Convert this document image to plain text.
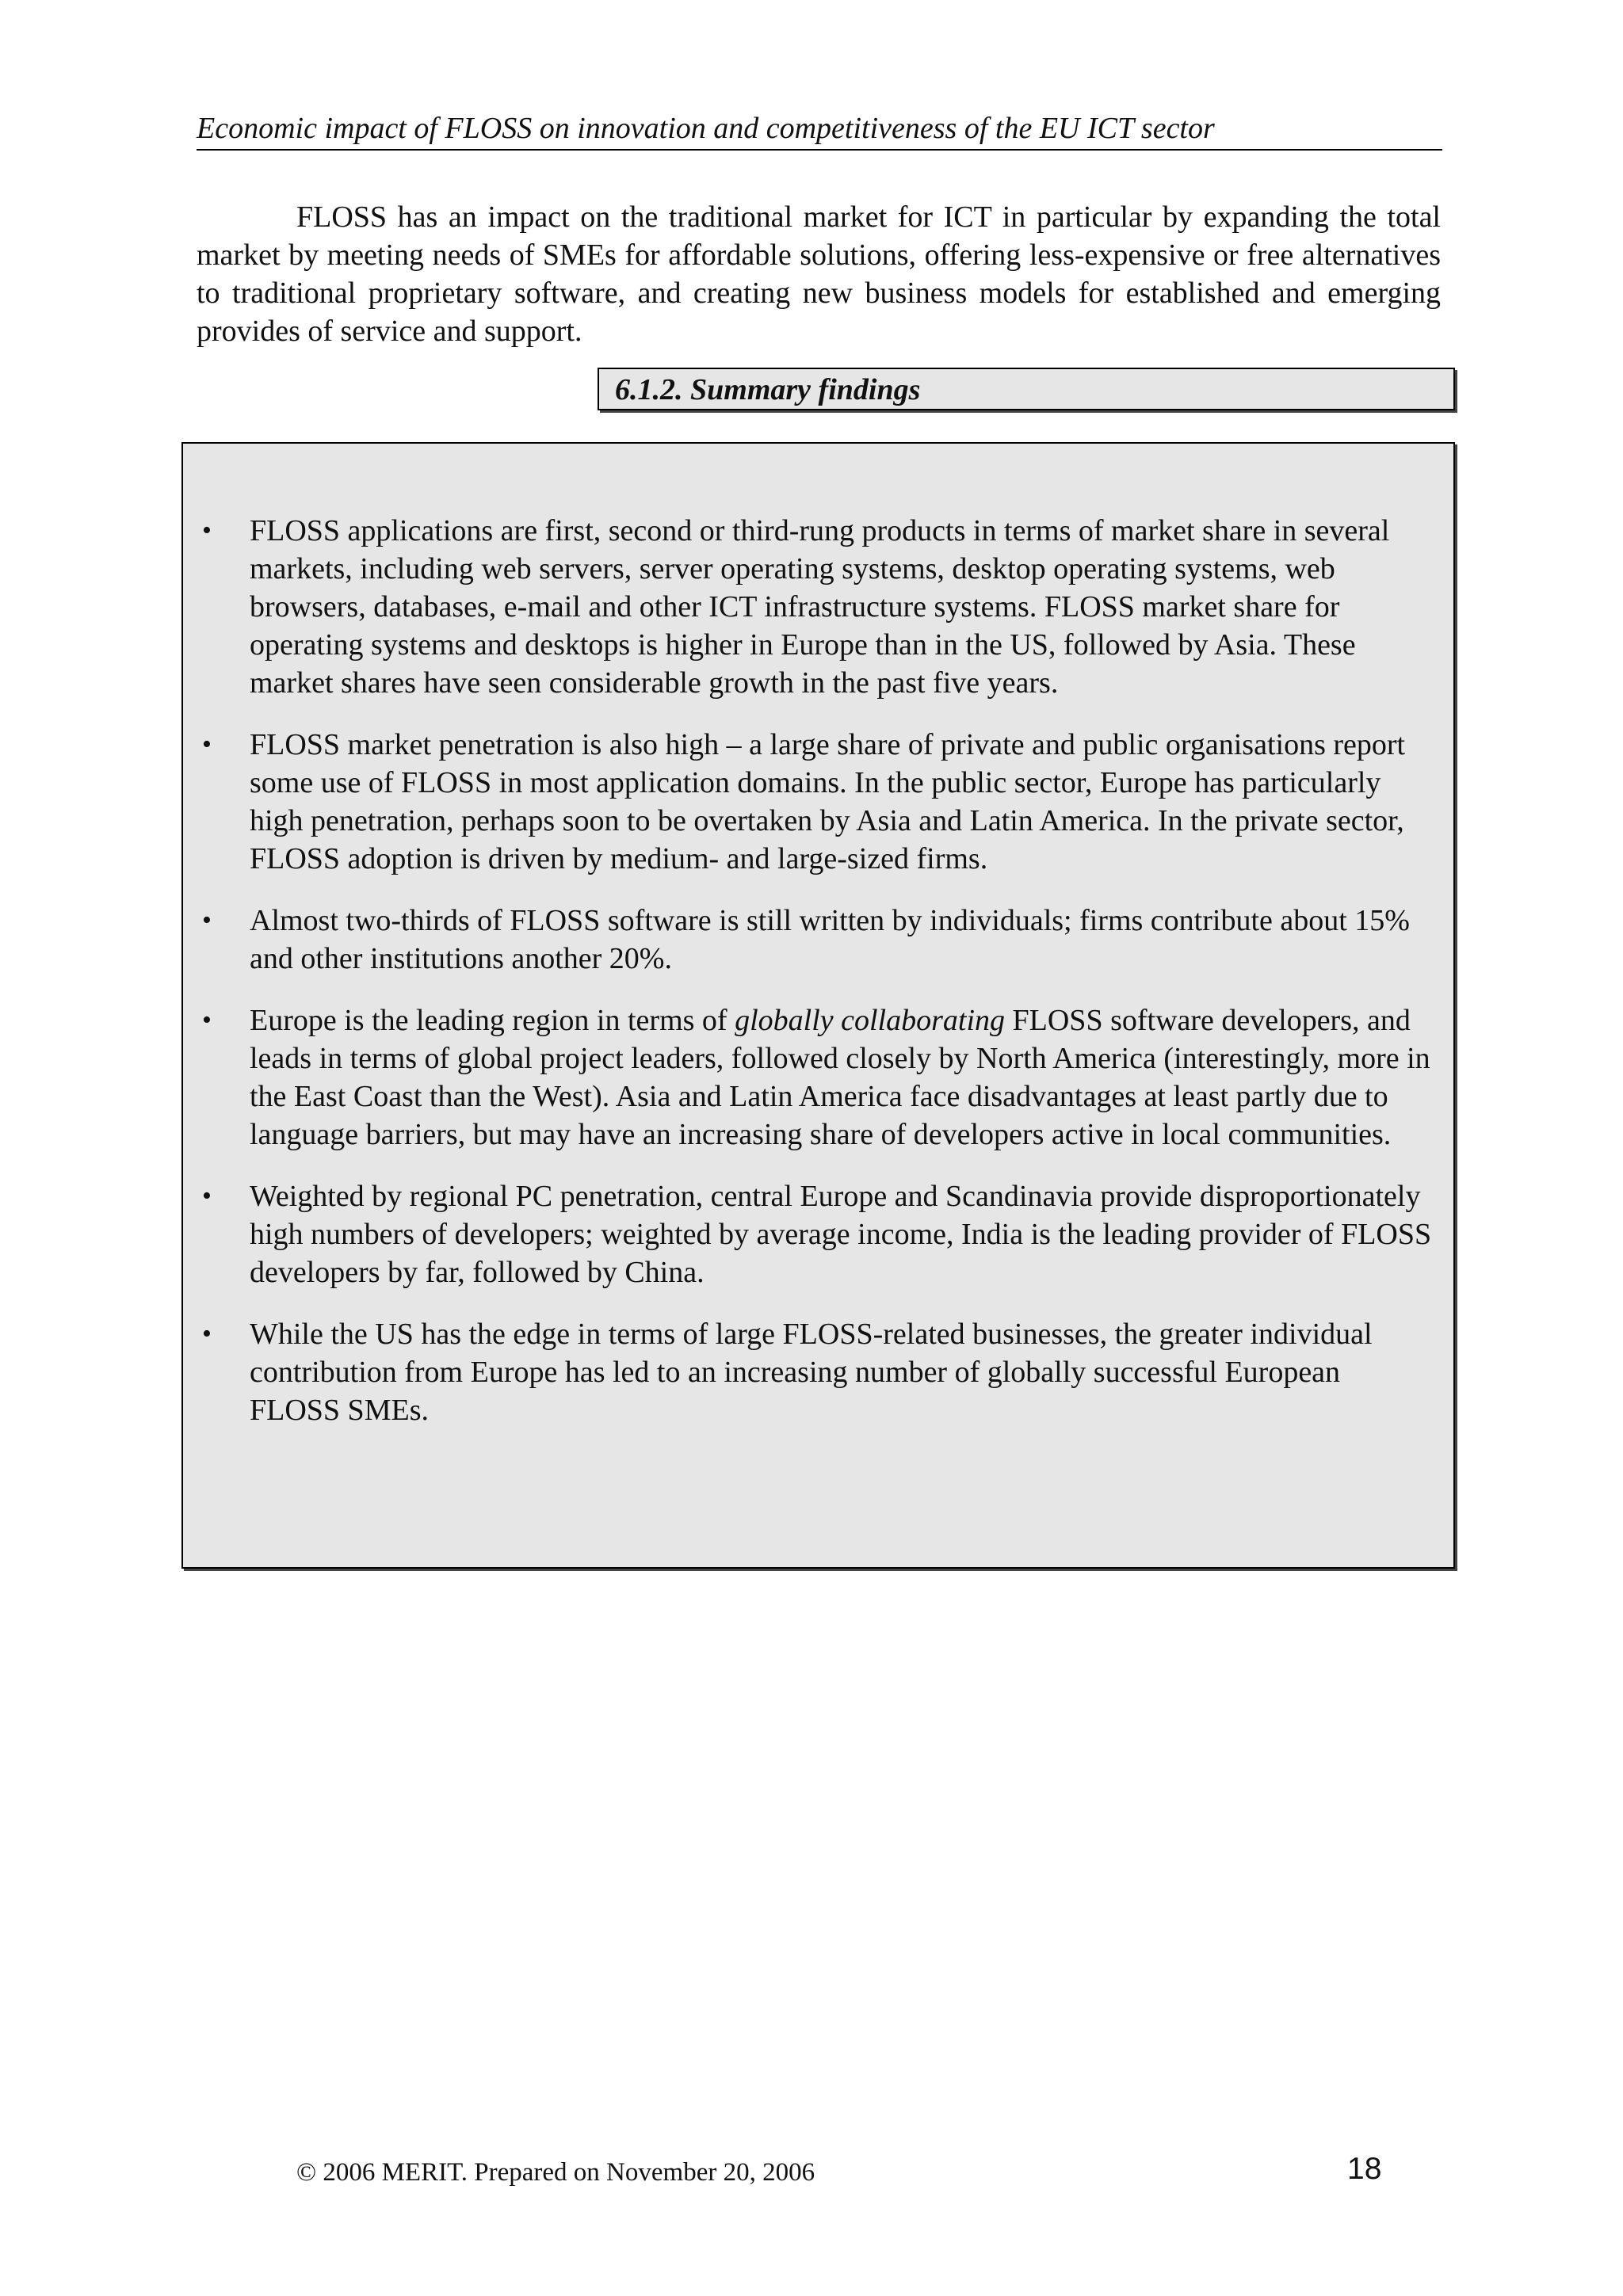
Economic impact of FLOSS on innovation and competitiveness of the EU ICT sector

FLOSS has an impact on the traditional market for ICT in particular by expanding the total market by meeting needs of SMEs for affordable solutions, offering less-expensive or free alternatives to traditional proprietary software, and creating new business models for established and emerging provides of service and support.

6.1.2. Summary findings
• FLOSS applications are first, second or third-rung products in terms of market share in several markets, including web servers, server operating systems, desktop operating systems, web browsers, databases, e-mail and other ICT infrastructure systems. FLOSS market share for operating systems and desktops is higher in Europe than in the US, followed by Asia. These market shares have seen considerable growth in the past five years.
• FLOSS market penetration is also high – a large share of private and public organisations report some use of FLOSS in most application domains. In the public sector, Europe has particularly high penetration, perhaps soon to be overtaken by Asia and Latin America. In the private sector, FLOSS adoption is driven by medium- and large-sized firms.
• Almost two-thirds of FLOSS software is still written by individuals; firms contribute about 15% and other institutions another 20%.
• Europe is the leading region in terms of globally collaborating FLOSS software developers, and leads in terms of global project leaders, followed closely by North America (interestingly, more in the East Coast than the West). Asia and Latin America face disadvantages at least partly due to language barriers, but may have an increasing share of developers active in local communities.
• Weighted by regional PC penetration, central Europe and Scandinavia provide disproportionately high numbers of developers; weighted by average income, India is the leading provider of FLOSS developers by far, followed by China.
• While the US has the edge in terms of large FLOSS-related businesses, the greater individual contribution from Europe has led to an increasing number of globally successful European FLOSS SMEs.
© 2006 MERIT. Prepared on November 20, 2006	18
